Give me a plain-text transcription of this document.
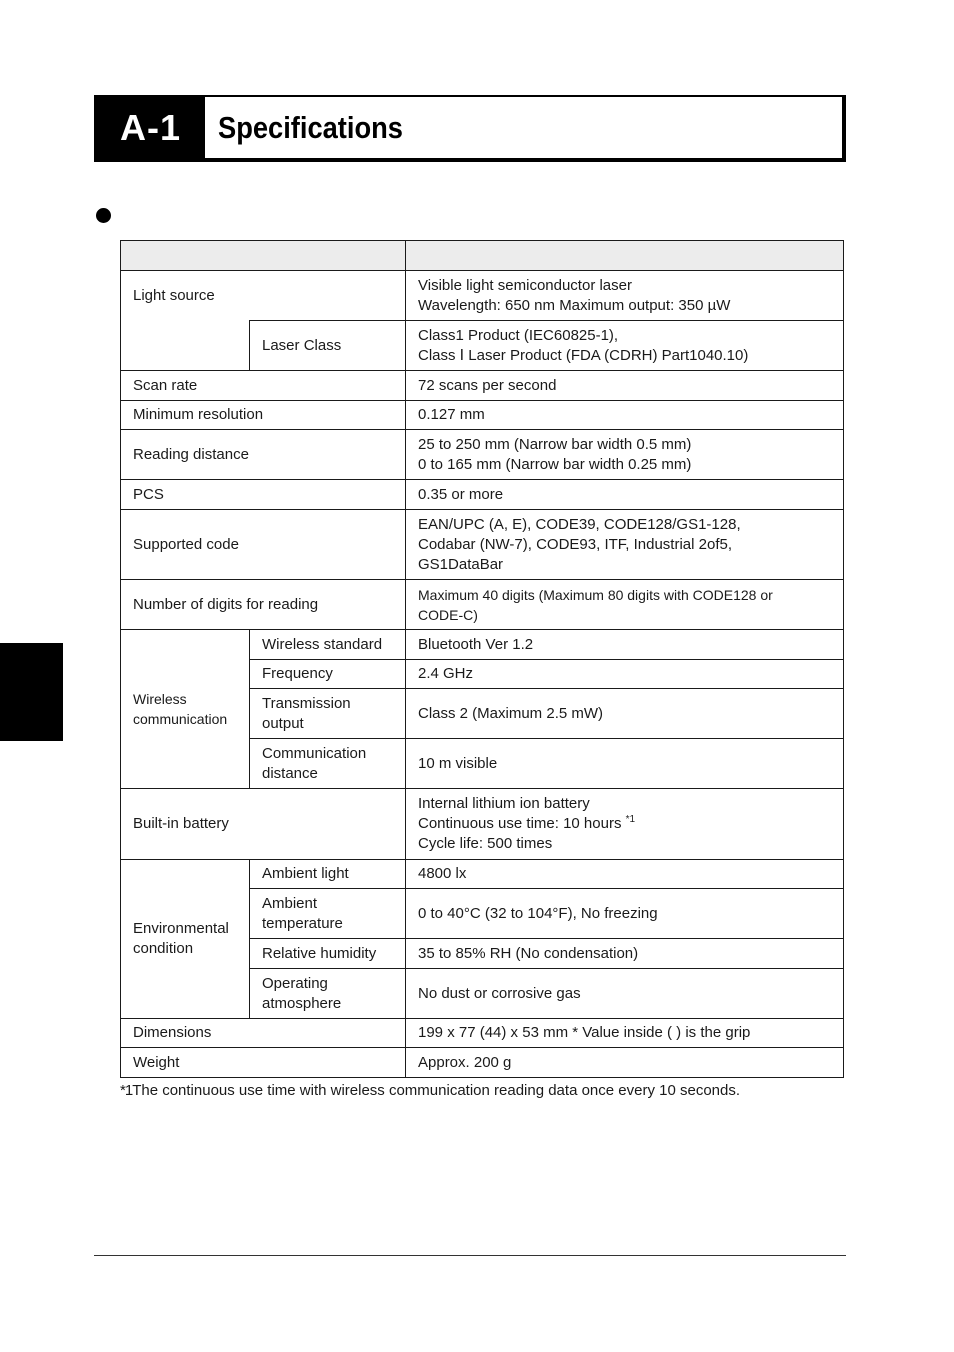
A-1	Specifications

Light source		Visible light semiconductor laser
Wavelength: 650 nm Maximum output: 350 µW

	Laser Class	Class1 Product (IEC60825-1),
Class Ⅰ Laser Product (FDA (CDRH) Part1040.10)

Scan rate		72 scans per second
Minimum resolution		0.127 mm
Reading distance		25 to 250 mm (Narrow bar width 0.5 mm)
0 to 165 mm (Narrow bar width 0.25 mm)

PCS		0.35 or more
Supported code		EAN/UPC (A, E), CODE39, CODE128/GS1-128,
Codabar (NW-7), CODE93, ITF, Industrial 2of5,
GS1DataBar

Number of digits for reading		Maximum 40 digits (Maximum 80 digits with CODE128 or
CODE-C)

Wireless
communication	Wireless standard	Bluetooth Ver 1.2
	Frequency	2.4 GHz

	Transmission
output	Class 2 (Maximum 2.5 mW)

	Communication
distance	10 m visible
Built-in battery		Internal lithium ion battery
Continuous use time: 10 hours $^{*1}$
Cycle life: 500 times

Environmental
condition	Ambient light	4800 lx

	Ambient
temperature	0 to 40°C (32 to 104°F), No freezing
	Relative humidity	35 to 85% RH (No condensation)

	Operating
atmosphere	No dust or corrosive gas
Dimensions		199 x 77 (44) x 53 mm * Value inside ( ) is the grip
Weight		Approx. 200 g
*1The continuous use time with wireless communication reading data once every 10 seconds.
